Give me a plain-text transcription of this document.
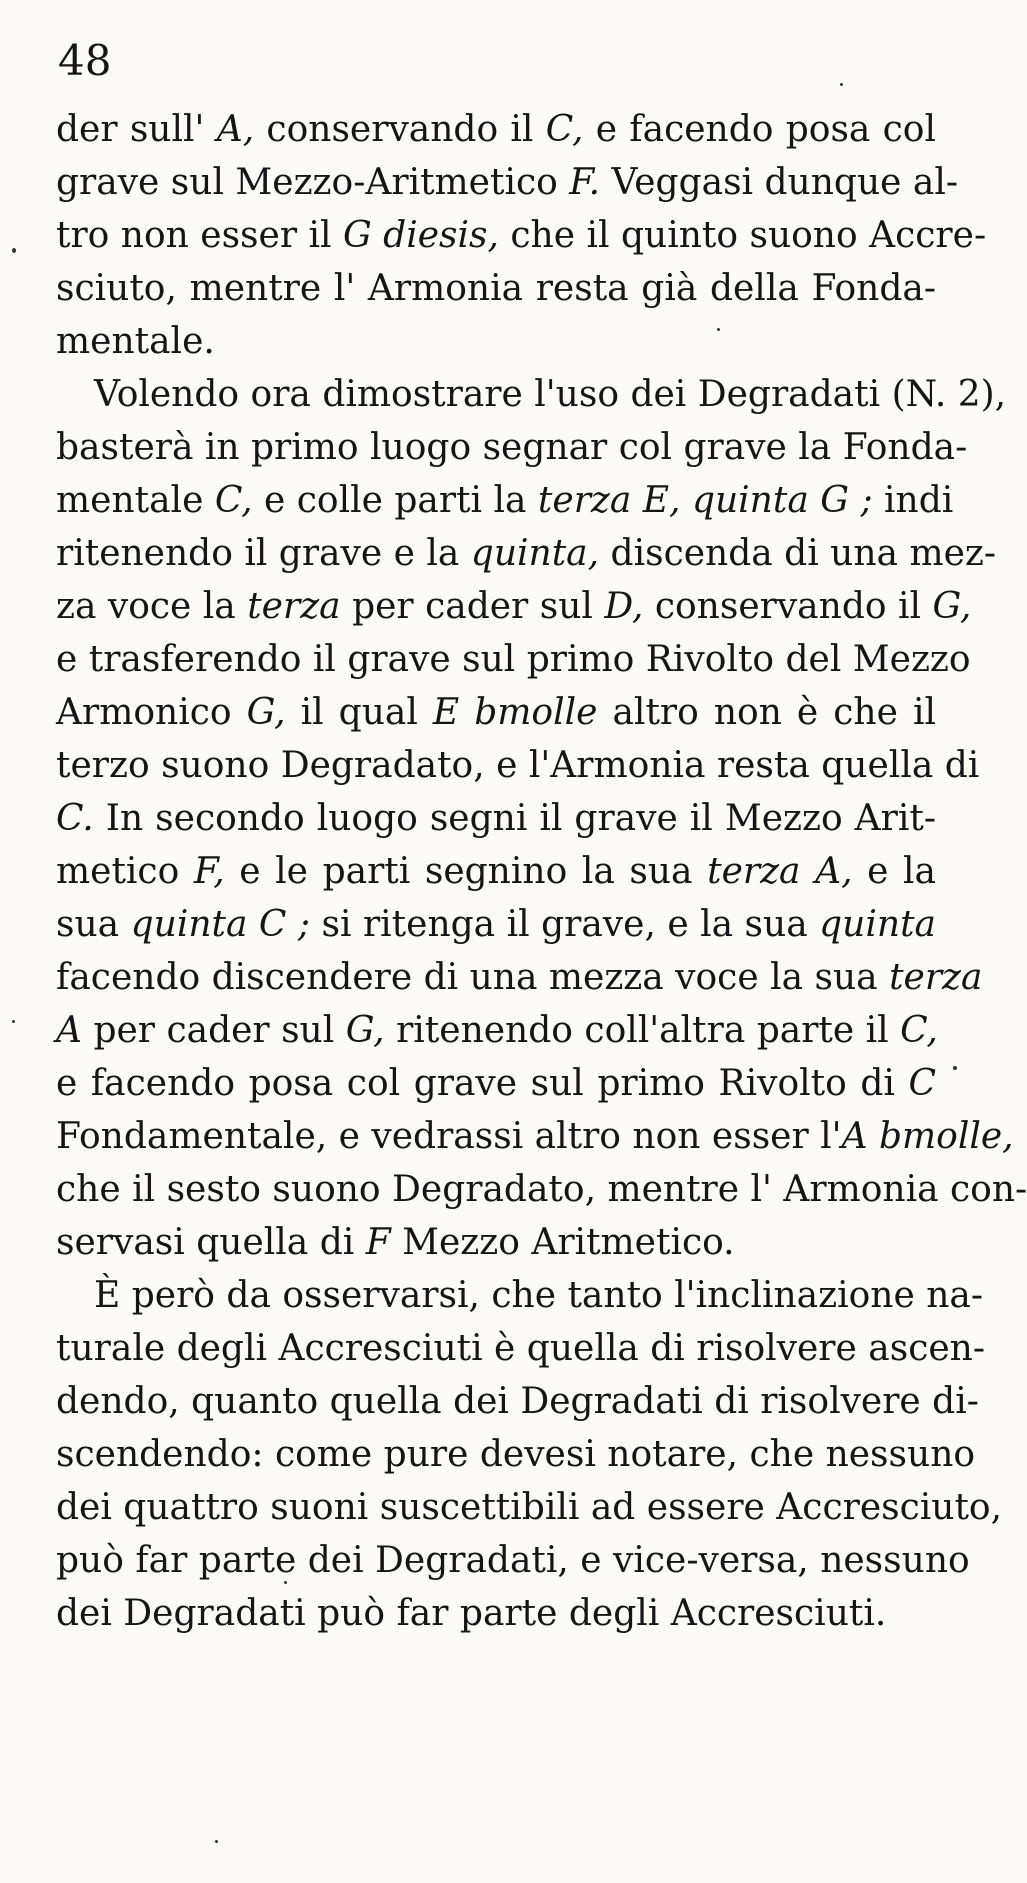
48
der sull' A, conservando il C, e facendo posa col
grave sul Mezzo-Aritmetico F. Veggasi dunque al-
tro non esser il G diesis, che il quinto suono Accre-
sciuto, mentre l' Armonia resta già della Fonda-
mentale.
Volendo ora dimostrare l'uso dei Degradati (N. 2),
basterà in primo luogo segnar col grave la Fonda-
mentale C, e colle parti la terza E, quinta G ; indi
ritenendo il grave e la quinta, discenda di una mez-
za voce la terza per cader sul D, conservando il G,
e trasferendo il grave sul primo Rivolto del Mezzo
Armonico G, il qual E bmolle altro non è che il
terzo suono Degradato, e l'Armonia resta quella di
C. In secondo luogo segni il grave il Mezzo Arit-
metico F, e le parti segnino la sua terza A, e la
sua quinta C ; si ritenga il grave, e la sua quinta
facendo discendere di una mezza voce la sua terza
A per cader sul G, ritenendo coll'altra parte il C,
e facendo posa col grave sul primo Rivolto di C
Fondamentale, e vedrassi altro non esser l'A bmolle,
che il sesto suono Degradato, mentre l' Armonia con-
servasi quella di F Mezzo Aritmetico.
È però da osservarsi, che tanto l'inclinazione na-
turale degli Accresciuti è quella di risolvere ascen-
dendo, quanto quella dei Degradati di risolvere di-
scendendo: come pure devesi notare, che nessuno
dei quattro suoni suscettibili ad essere Accresciuto,
può far parte dei Degradati, e vice-versa, nessuno
dei Degradati può far parte degli Accresciuti.
